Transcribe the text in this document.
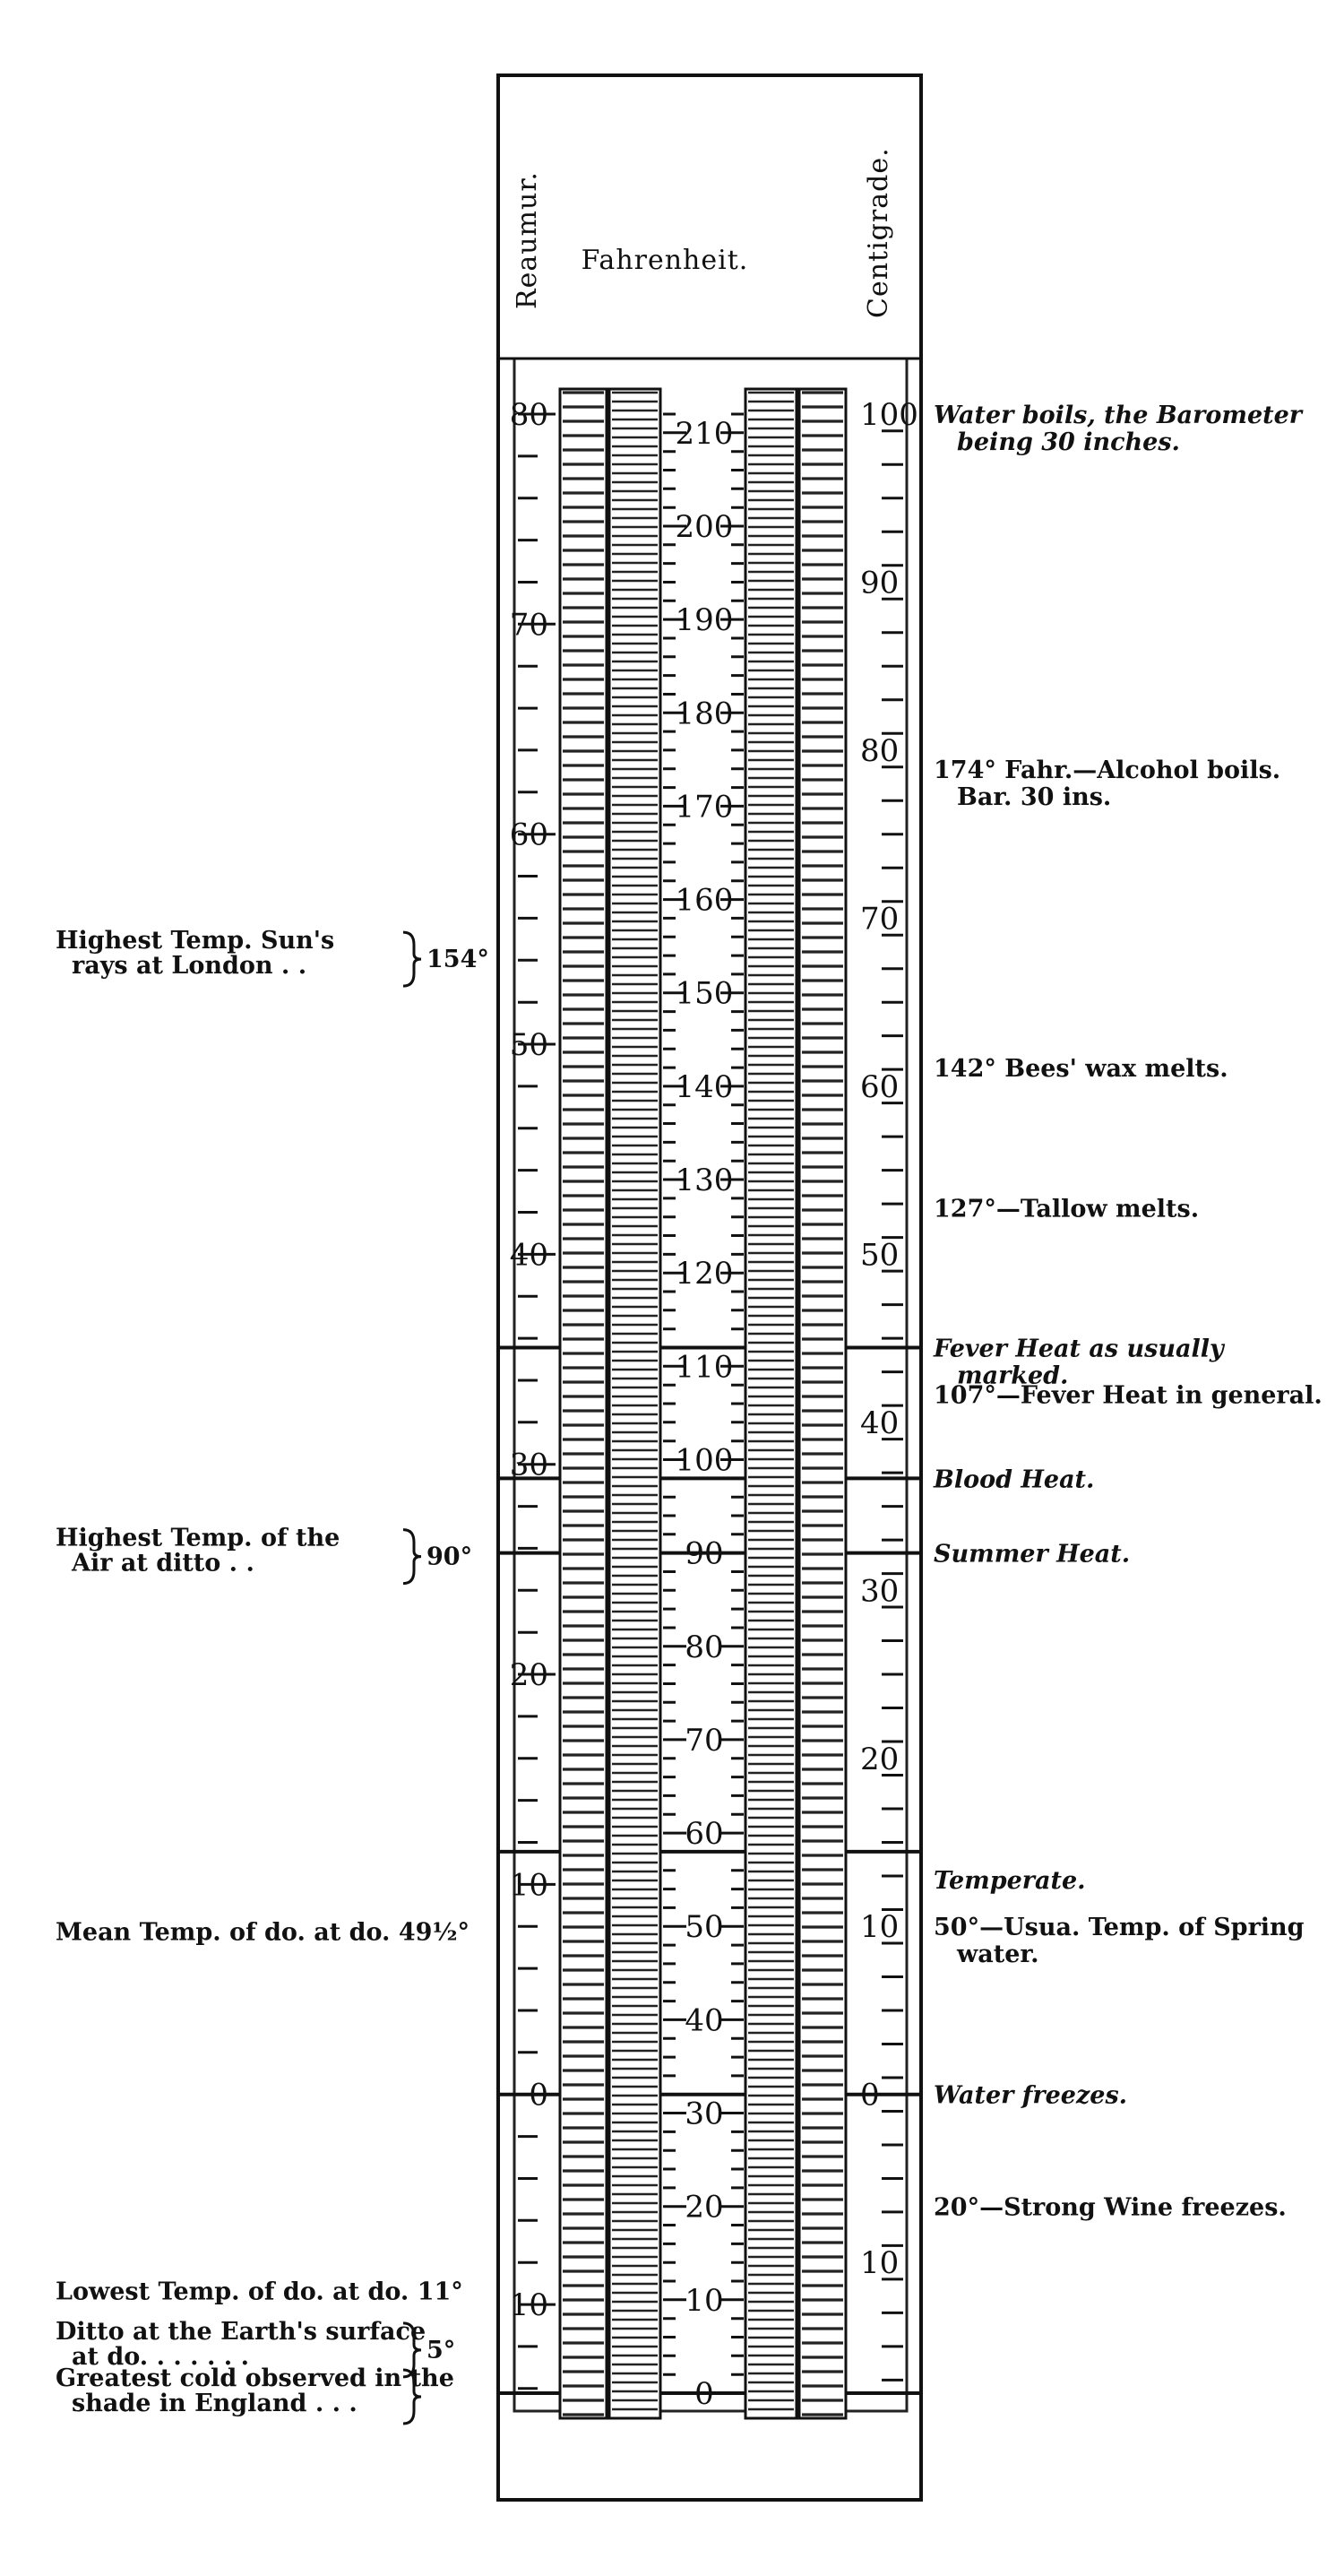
Reaumur. Fahrenheit.	Centigrade.
0
10
20
30
40
50
60
70
80
90
100
110
120
130
140
150
160
170
180
190
200
210
80
70
60
50
40
30
20
10
0
10
100
90
80
70
60
50
40
30
20
10
0
10
Water boils, the Barometer
being 30 inches.
174° Fahr.—Alcohol boils.
Bar. 30 ins.
142° Bees' wax melts.
127°—Tallow melts.
Fever Heat as usually
marked.
107°—Fever Heat in general.
Blood Heat.
Summer Heat.
Temperate.
50°—Usua. Temp. of Spring
water.
Water freezes.
20°—Strong Wine freezes.
Highest Temp. Sun's
rays at London . .	154°
Highest Temp. of the
Air at ditto . .	90°
Mean Temp. of do. at do. 49½°
Lowest Temp. of do. at do. 11°
Ditto at the Earth's surface
at do. . . . . . .	5°
Greatest cold observed in the
shade in England . . .
